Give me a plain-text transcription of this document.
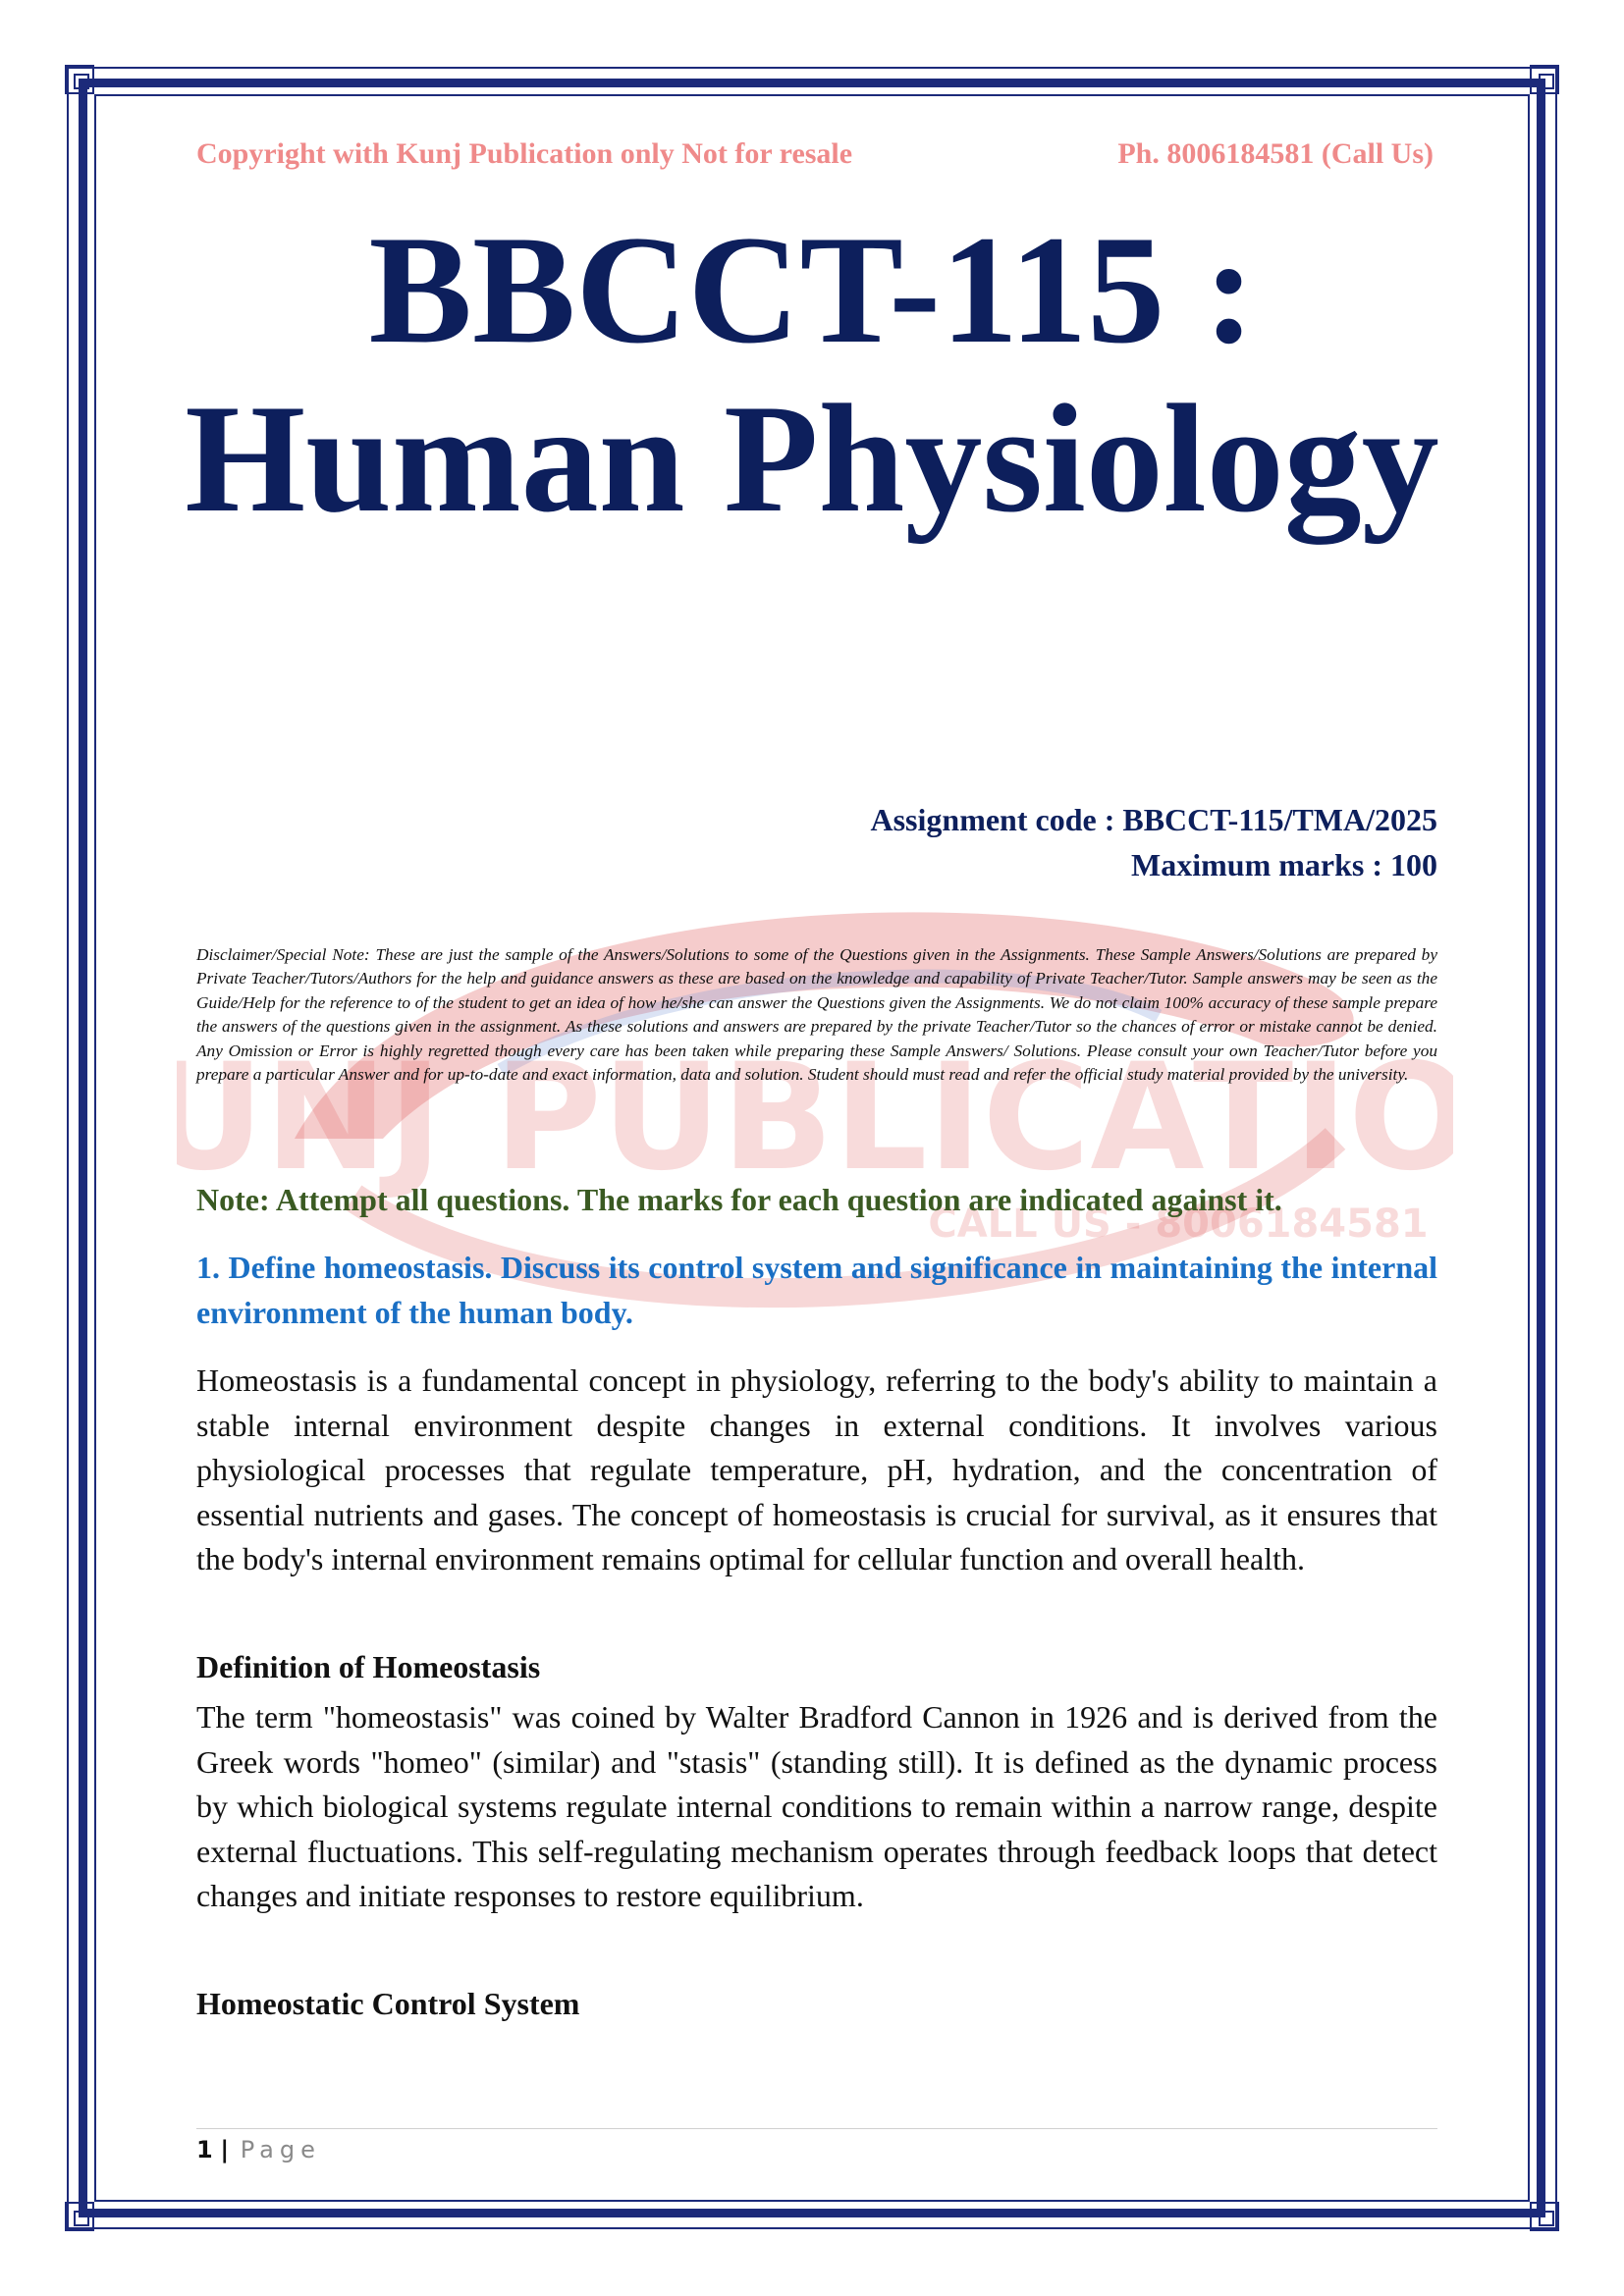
UNJ PUBLICATIO
CALL US - 8006184581
Copyright with Kunj Publication only Not for resale	Ph. 8006184581 (Call Us)
BBCCT-115 :
Human Physiology
Assignment code : BBCCT-115/TMA/2025
Maximum marks : 100
Disclaimer/Special Note: These are just the sample of the Answers/Solutions to some of the Questions given in the Assignments. These Sample Answers/Solutions are prepared by Private Teacher/Tutors/Authors for the help and guidance answers as these are based on the knowledge and capability of Private Teacher/Tutor. Sample answers may be seen as the Guide/Help for the reference to of the student to get an idea of how he/she can answer the Questions given the Assignments. We do not claim 100% accuracy of these sample prepare the answers of the questions given in the assignment. As these solutions and answers are prepared by the private Teacher/Tutor so the chances of error or mistake cannot be denied. Any Omission or Error is highly regretted though every care has been taken while preparing these Sample Answers/ Solutions. Please consult your own Teacher/Tutor before you prepare a particular Answer and for up-to-date and exact information, data and solution. Student should must read and refer the official study material provided by the university.
Note: Attempt all questions. The marks for each question are indicated against it.
1. Define homeostasis. Discuss its control system and significance in maintaining the internal environment of the human body.
Homeostasis is a fundamental concept in physiology, referring to the body's ability to maintain a stable internal environment despite changes in external conditions. It involves various physiological processes that regulate temperature, pH, hydration, and the concentration of essential nutrients and gases. The concept of homeostasis is crucial for survival, as it ensures that the body's internal environment remains optimal for cellular function and overall health.
Definition of Homeostasis
The term "homeostasis" was coined by Walter Bradford Cannon in 1926 and is derived from the Greek words "homeo" (similar) and "stasis" (standing still). It is defined as the dynamic process by which biological systems regulate internal conditions to remain within a narrow range, despite external fluctuations. This self-regulating mechanism operates through feedback loops that detect changes and initiate responses to restore equilibrium.
Homeostatic Control System
1 | Page
